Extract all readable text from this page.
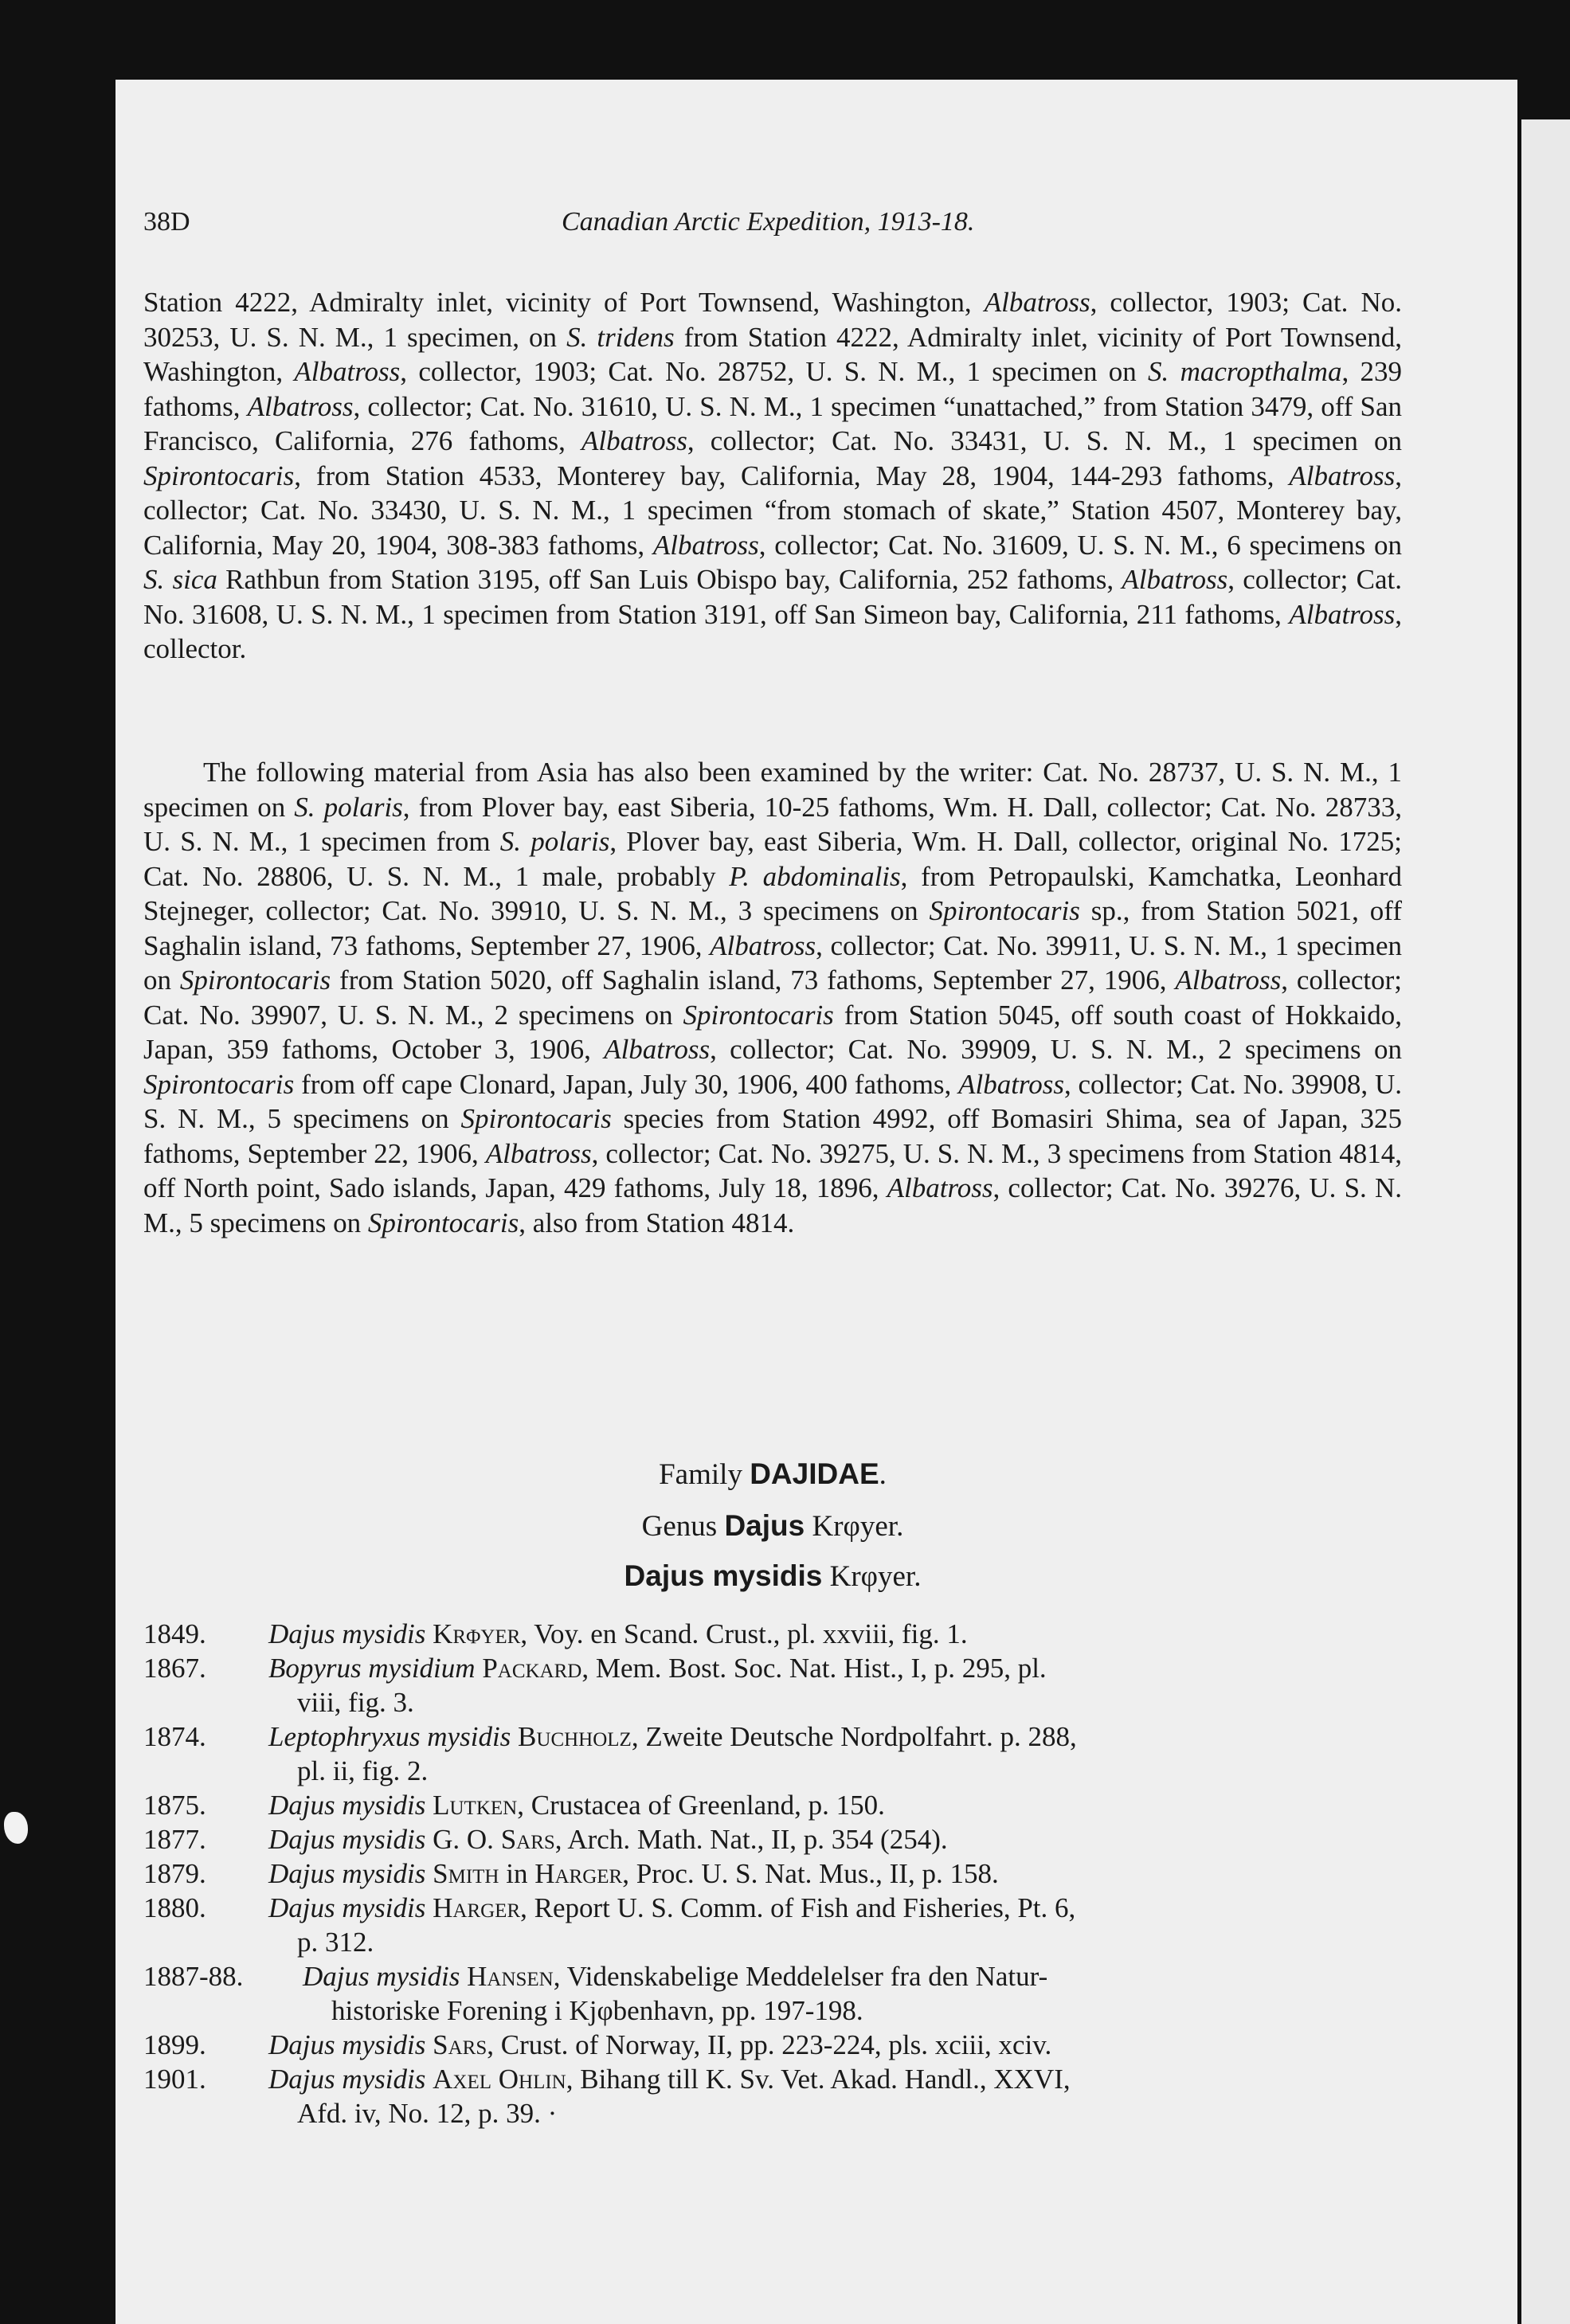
38D	Canadian Arctic Expedition, 1913-18.

Station 4222, Admiralty inlet, vicinity of Port Townsend, Washington, Albatross, collector, 1903; Cat. No. 30253, U. S. N. M., 1 specimen, on S. tridens from Station 4222, Admiralty inlet, vicinity of Port Townsend, Washington, Albatross, collector, 1903; Cat. No. 28752, U. S. N. M., 1 specimen on S. macropthalma, 239 fathoms, Albatross, collector; Cat. No. 31610, U. S. N. M., 1 specimen “unattached,” from Station 3479, off San Francisco, California, 276 fathoms, Albatross, collector; Cat. No. 33431, U. S. N. M., 1 specimen on Spirontocaris, from Station 4533, Monterey bay, California, May 28, 1904, 144-293 fathoms, Albatross, collector; Cat. No. 33430, U. S. N. M., 1 specimen “from stomach of skate,” Station 4507, Monterey bay, California, May 20, 1904, 308-383 fathoms, Albatross, collector; Cat. No. 31609, U. S. N. M., 6 specimens on S. sica Rathbun from Station 3195, off San Luis Obispo bay, California, 252 fathoms, Albatross, collector; Cat. No. 31608, U. S. N. M., 1 specimen from Station 3191, off San Simeon bay, California, 211 fathoms, Albatross, collector.

The following material from Asia has also been examined by the writer: Cat. No. 28737, U. S. N. M., 1 specimen on S. polaris, from Plover bay, east Siberia, 10-25 fathoms, Wm. H. Dall, collector; Cat. No. 28733, U. S. N. M., 1 specimen from S. polaris, Plover bay, east Siberia, Wm. H. Dall, collector, original No. 1725; Cat. No. 28806, U. S. N. M., 1 male, probably P. abdominalis, from Petropaulski, Kamchatka, Leonhard Stejneger, collector; Cat. No. 39910, U. S. N. M., 3 specimens on Spirontocaris sp., from Station 5021, off Saghalin island, 73 fathoms, September 27, 1906, Albatross, collector; Cat. No. 39911, U. S. N. M., 1 specimen on Spirontocaris from Station 5020, off Saghalin island, 73 fathoms, September 27, 1906, Albatross, collector; Cat. No. 39907, U. S. N. M., 2 specimens on Spirontocaris from Station 5045, off south coast of Hokkaido, Japan, 359 fathoms, October 3, 1906, Albatross, collector; Cat. No. 39909, U. S. N. M., 2 specimens on Spirontocaris from off cape Clonard, Japan, July 30, 1906, 400 fathoms, Albatross, collector; Cat. No. 39908, U. S. N. M., 5 specimens on Spirontocaris species from Station 4992, off Bomasiri Shima, sea of Japan, 325 fathoms, September 22, 1906, Albatross, collector; Cat. No. 39275, U. S. N. M., 3 specimens from Station 4814, off North point, Sado islands, Japan, 429 fathoms, July 18, 1896, Albatross, collector; Cat. No. 39276, U. S. N. M., 5 specimens on Spirontocaris, also from Station 4814.

Family DAJIDAE.
Genus Dajus Krφyer.
Dajus mysidis Krφyer.
1849. Dajus mysidis Krφyer, Voy. en Scand. Crust., pl. xxviii, fig. 1.
1867. Bopyrus mysidium Packard, Mem. Bost. Soc. Nat. Hist., I, p. 295, pl.
viii, fig. 3.
1874. Leptophryxus mysidis Buchholz, Zweite Deutsche Nordpolfahrt. p. 288,
pl. ii, fig. 2.
1875. Dajus mysidis Lutken, Crustacea of Greenland, p. 150.
1877. Dajus mysidis G. O. Sars, Arch. Math. Nat., II, p. 354 (254).
1879. Dajus mysidis Smith in Harger, Proc. U. S. Nat. Mus., II, p. 158.
1880. Dajus mysidis Harger, Report U. S. Comm. of Fish and Fisheries, Pt. 6,
p. 312.
1887-88. Dajus mysidis Hansen, Videnskabelige Meddelelser fra den Natur-
historiske Forening i Kjφbenhavn, pp. 197-198.
1899. Dajus mysidis Sars, Crust. of Norway, II, pp. 223-224, pls. xciii, xciv.
1901. Dajus mysidis Axel Ohlin, Bihang till K. Sv. Vet. Akad. Handl., XXVI,
Afd. iv, No. 12, p. 39. ·
